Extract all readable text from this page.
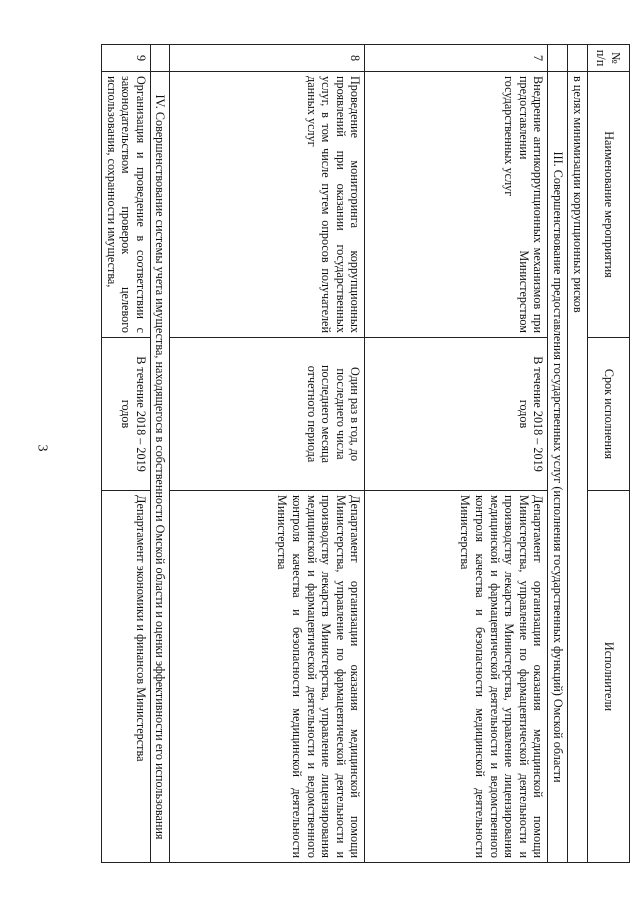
3
№ п/п	Наименование мероприятия	Срок исполнения	Исполнители
	в целях минимизации коррупционных рисков		
	III. Совершенствование предоставления государственных услуг (исполнения государственных функций) Омской области		
7	Внедрение антикоррупционных механизмов при предоставлении Министерством государственных услуг	В течение 2018 – 2019 годов	Департамент организации оказания медицинской помощи Министерства, управление по фармацевтической деятельности и производству лекарств Министерства, управление лицензирования медицинской и фармацевтической деятельности и ведомственного контроля качества и безопасности медицинской деятельности Министерства
8	Проведение мониторинга коррупционных проявлений при оказании государственных услуг, в том числе путем опросов получателей данных услуг	Один раз в год, до последнего числа последнего месяца отчетного периода	Департамент организации оказания медицинской помощи Министерства, управление по фармацевтической деятельности и производству лекарств Министерства, управление лицензирования медицинской и фармацевтической деятельности и ведомственного контроля качества и безопасности медицинской деятельности Министерства
	IV. Совершенствование системы учета имущества, находящегося в собственности Омской области и оценки эффективности его использования		
9	Организация и проведение в соответствии с законодательством проверок целевого использования, сохранности имущества,	В течение 2018 – 2019 годов	Департамент экономики и финансов Министерства
